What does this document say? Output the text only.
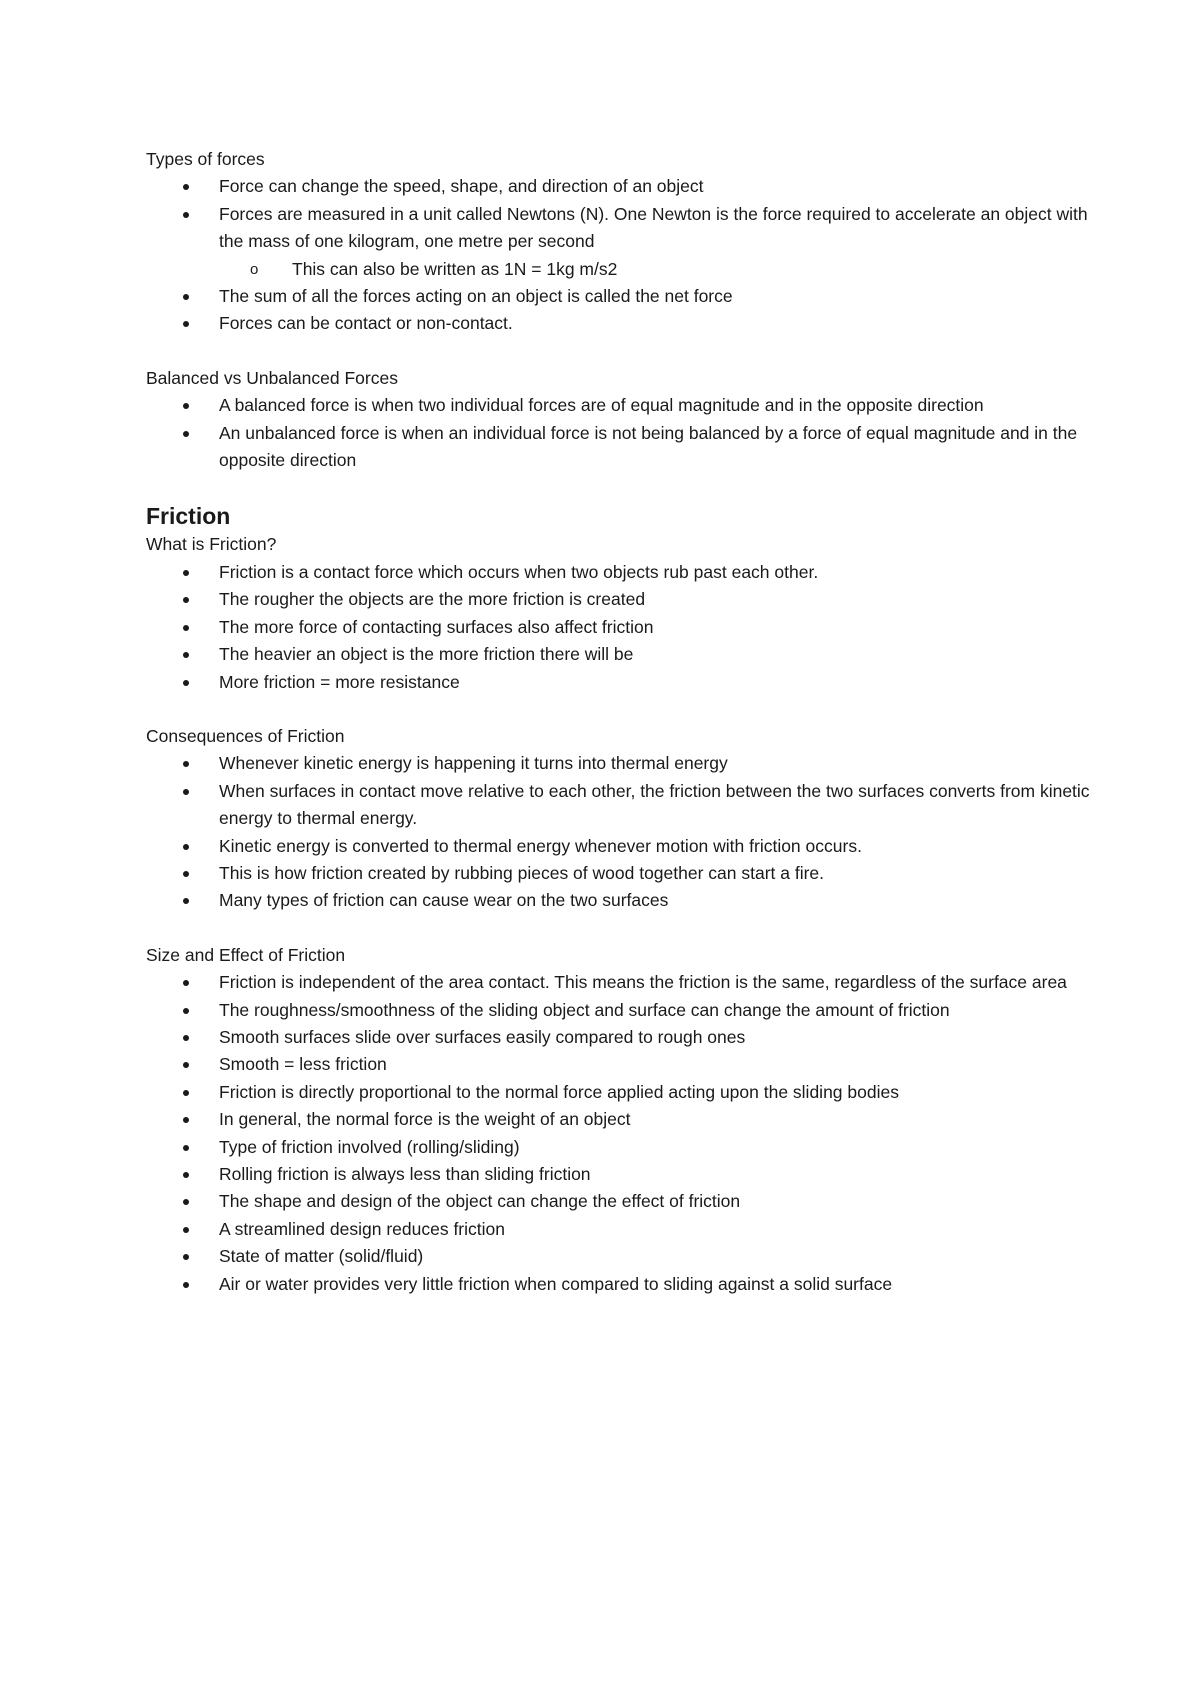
Types of forces

Force can change the speed, shape, and direction of an object
Forces are measured in a unit called Newtons (N). One Newton is the force required to accelerate an object with the mass of one kilogram, one metre per second
o This can also be written as 1N = 1kg m/s2
The sum of all the forces acting on an object is called the net force
Forces can be contact or non-contact.

Balanced vs Unbalanced Forces

A balanced force is when two individual forces are of equal magnitude and in the opposite direction
An unbalanced force is when an individual force is not being balanced by a force of equal magnitude and in the opposite direction
Friction

What is Friction?

Friction is a contact force which occurs when two objects rub past each other.
The rougher the objects are the more friction is created
The more force of contacting surfaces also affect friction
The heavier an object is the more friction there will be
More friction = more resistance

Consequences of Friction

Whenever kinetic energy is happening it turns into thermal energy
When surfaces in contact move relative to each other, the friction between the two surfaces converts from kinetic energy to thermal energy.
Kinetic energy is converted to thermal energy whenever motion with friction occurs.
This is how friction created by rubbing pieces of wood together can start a fire.
Many types of friction can cause wear on the two surfaces

Size and Effect of Friction

Friction is independent of the area contact. This means the friction is the same, regardless of the surface area
The roughness/smoothness of the sliding object and surface can change the amount of friction
Smooth surfaces slide over surfaces easily compared to rough ones
Smooth = less friction
Friction is directly proportional to the normal force applied acting upon the sliding bodies
In general, the normal force is the weight of an object
Type of friction involved (rolling/sliding)
Rolling friction is always less than sliding friction
The shape and design of the object can change the effect of friction
A streamlined design reduces friction
State of matter (solid/fluid)
Air or water provides very little friction when compared to sliding against a solid surface
